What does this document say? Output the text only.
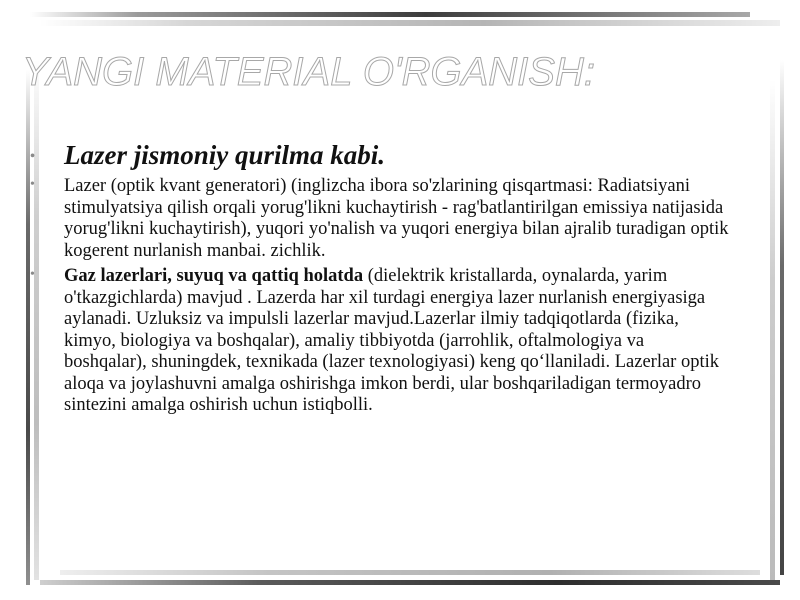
YANGI MATERIAL O'RGANISH:

• Lazer jismoniy qurilma kabi.

• Lazer (optik kvant generatori) (inglizcha ibora so'zlarining qisqartmasi: Radiatsiyani stimulyatsiya qilish orqali yorug'likni kuchaytirish - rag'batlantirilgan emissiya natijasida yorug'likni kuchaytirish), yuqori yo'nalish va yuqori energiya bilan ajralib turadigan optik kogerent nurlanish manbai. zichlik.

• Gaz lazerlari, suyuq va qattiq holatda (dielektrik kristallarda, oynalarda, yarim o'tkazgichlarda) mavjud . Lazerda har xil turdagi energiya lazer nurlanish energiyasiga aylanadi. Uzluksiz va impulsli lazerlar mavjud.Lazerlar ilmiy tadqiqotlarda (fizika, kimyo, biologiya va boshqalar), amaliy tibbiyotda (jarrohlik, oftalmologiya va boshqalar), shuningdek, texnikada (lazer texnologiyasi) keng qo‘llaniladi. Lazerlar optik aloqa va joylashuvni amalga oshirishga imkon berdi, ular boshqariladigan termoyadro sintezini amalga oshirish uchun istiqbolli.
